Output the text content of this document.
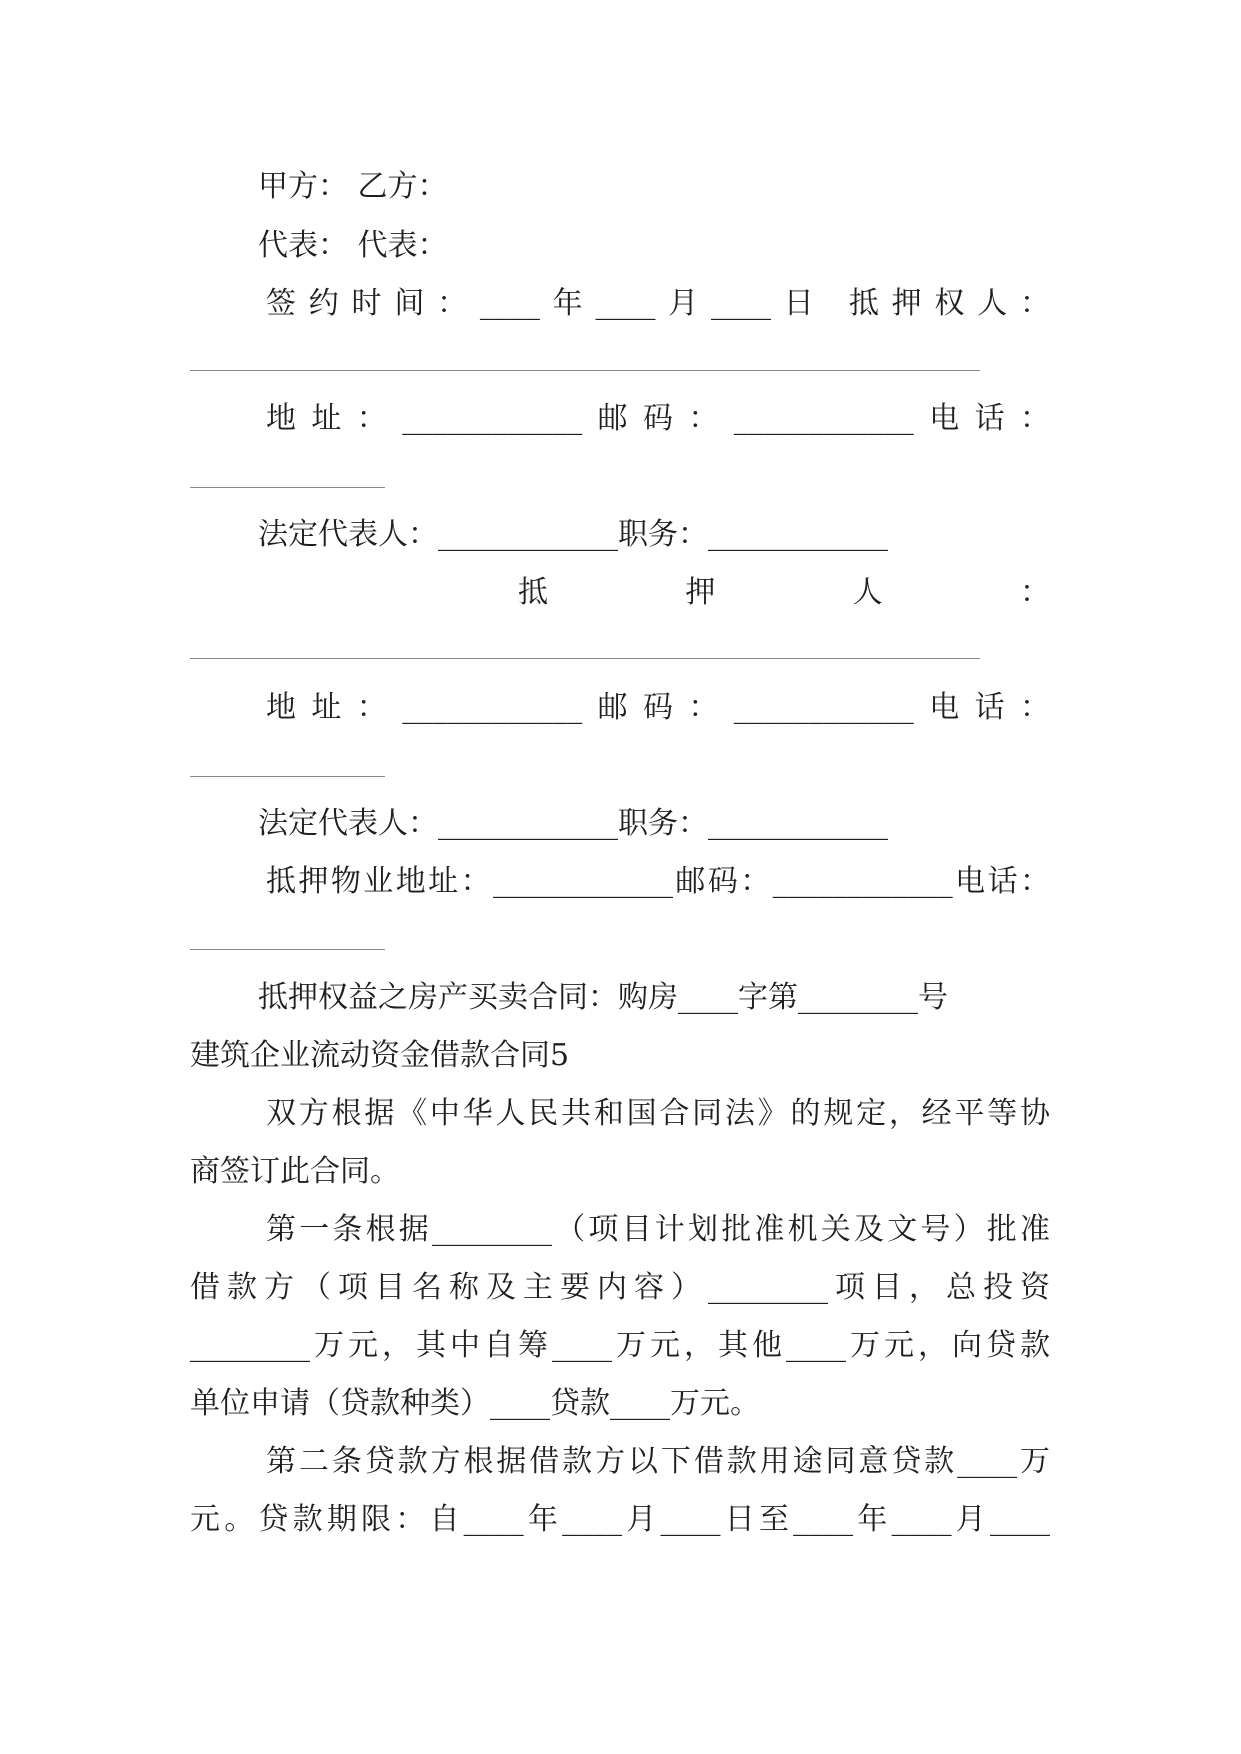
甲方： 乙方：

代表： 代表：

签约时间：____年____月____日 抵押权人：

地址：____________邮码：____________电话：

法定代表人：____________职务：____________

抵押人：

地址：____________邮码：____________电话：

法定代表人：____________职务：____________

抵押物业地址：____________邮码：____________电话：

抵押权益之房产买卖合同：购房____字第________号

建筑企业流动资金借款合同5

双方根据《中华人民共和国合同法》的规定，经平等协

商签订此合同。

第一条根据________（项目计划批准机关及文号）批准

借款方（项目名称及主要内容）________项目，总投资

________万元，其中自筹____万元，其他____万元，向贷款

单位申请（贷款种类）____贷款____万元。

第二条贷款方根据借款方以下借款用途同意贷款____万

元。贷款期限：自____年____月____日至____年____月____
